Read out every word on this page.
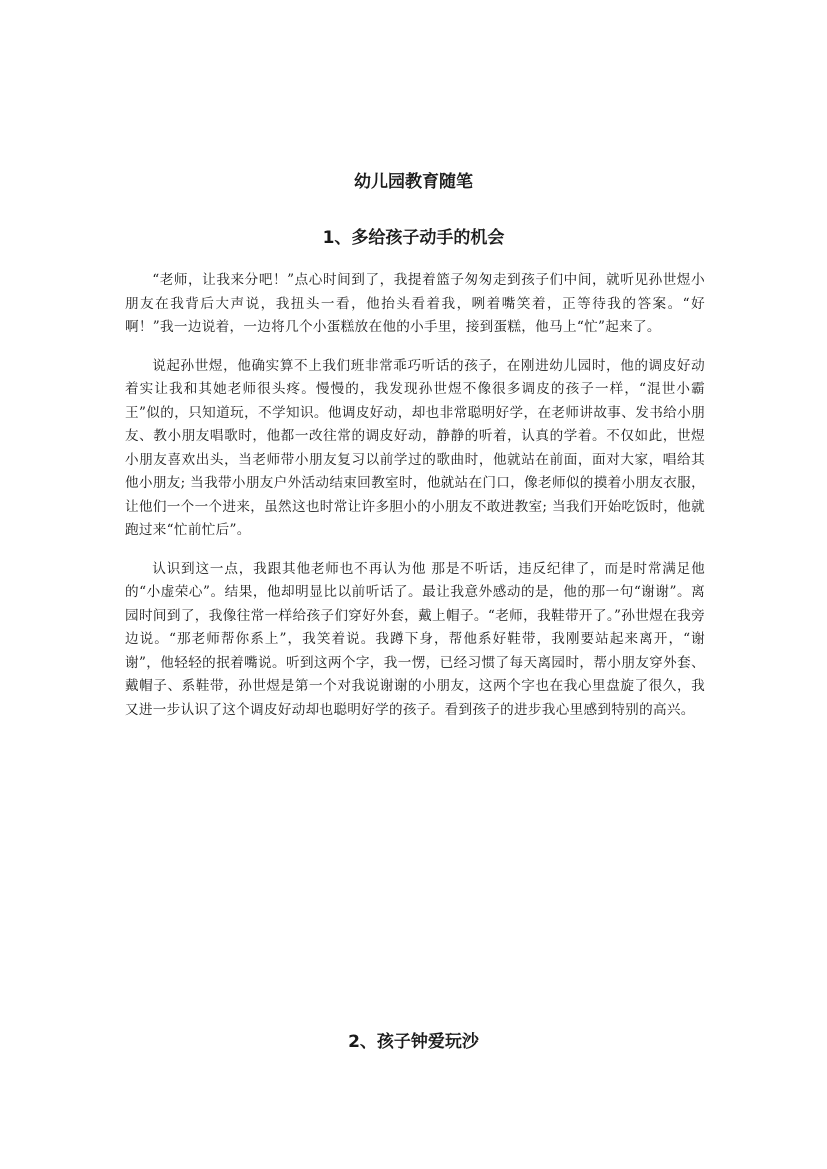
幼儿园教育随笔
1、多给孩子动手的机会

“老师，让我来分吧！”点心时间到了，我提着篮子匆匆走到孩子们中间，就听见孙世煜小朋友在我背后大声说，我扭头一看，他抬头看着我，咧着嘴笑着，正等待我的答案。“好啊！”我一边说着，一边将几个小蛋糕放在他的小手里，接到蛋糕，他马上“忙”起来了。

说起孙世煜，他确实算不上我们班非常乖巧听话的孩子，在刚进幼儿园时，他的调皮好动着实让我和其她老师很头疼。慢慢的，我发现孙世煜不像很多调皮的孩子一样，“混世小霸王”似的，只知道玩，不学知识。他调皮好动，却也非常聪明好学，在老师讲故事、发书给小朋友、教小朋友唱歌时，他都一改往常的调皮好动，静静的听着，认真的学着。不仅如此，世煜小朋友喜欢出头，当老师带小朋友复习以前学过的歌曲时，他就站在前面，面对大家，唱给其他小朋友; 当我带小朋友户外活动结束回教室时，他就站在门口，像老师似的摸着小朋友衣服，让他们一个一个进来，虽然这也时常让许多胆小的小朋友不敢进教室; 当我们开始吃饭时，他就跑过来“忙前忙后”。

认识到这一点，我跟其他老师也不再认为他 那是不听话，违反纪律了，而是时常满足他的“小虚荣心”。结果，他却明显比以前听话了。最让我意外感动的是，他的那一句“谢谢”。离园时间到了，我像往常一样给孩子们穿好外套，戴上帽子。“老师，我鞋带开了。”孙世煜在我旁边说。“那老师帮你系上”，我笑着说。我蹲下身，帮他系好鞋带，我刚要站起来离开，“谢谢”，他轻轻的抿着嘴说。听到这两个字，我一愣，已经习惯了每天离园时，帮小朋友穿外套、戴帽子、系鞋带，孙世煜是第一个对我说谢谢的小朋友，这两个字也在我心里盘旋了很久，我又进一步认识了这个调皮好动却也聪明好学的孩子。看到孩子的进步我心里感到特别的高兴。

2、孩子钟爱玩沙
